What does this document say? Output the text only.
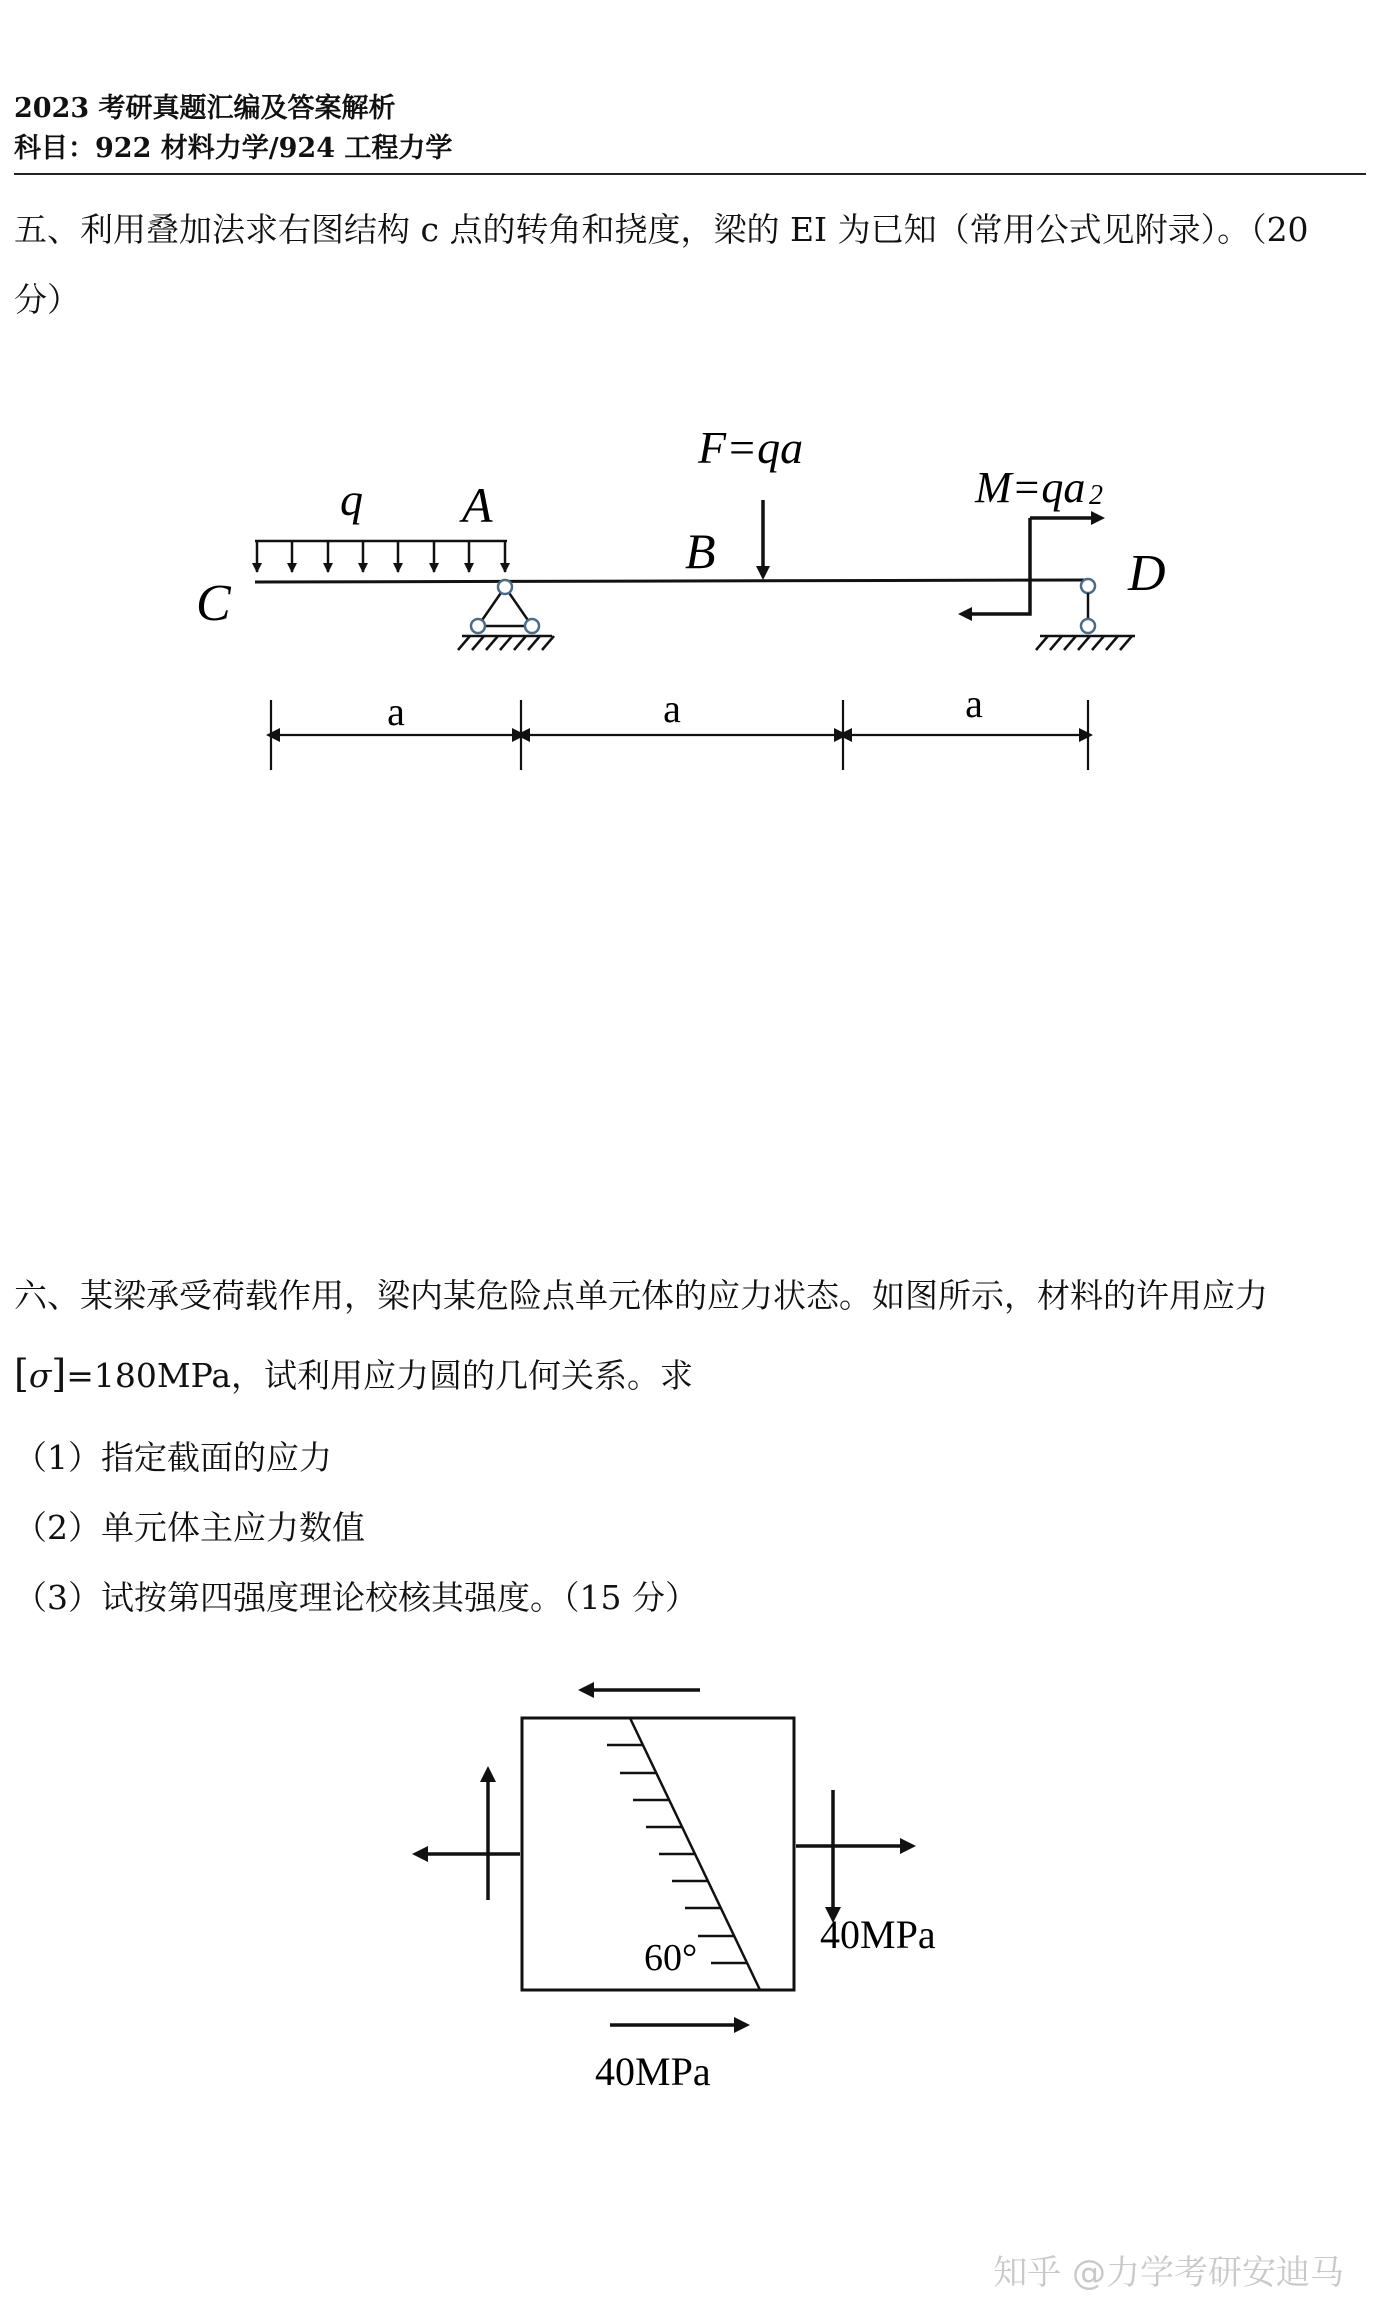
2023 考研真题汇编及答案解析
科目：922 材料力学/924 工程力学
五、利用叠加法求右图结构 c 点的转角和挠度，梁的 EI 为已知（常用公式见附录）。（20
分）
q A
B
C
D
F=qa
M=qa 2
a	a	a
六、某梁承受荷载作用，梁内某危险点单元体的应力状态。如图所示，材料的许用应力
[σ]=180MPa，试利用应力圆的几何关系。求
（1）指定截面的应力
（2）单元体主应力数值
（3）试按第四强度理论校核其强度。（15 分）
60°
40MPa
40MPa
知乎 @力学考研安迪马
